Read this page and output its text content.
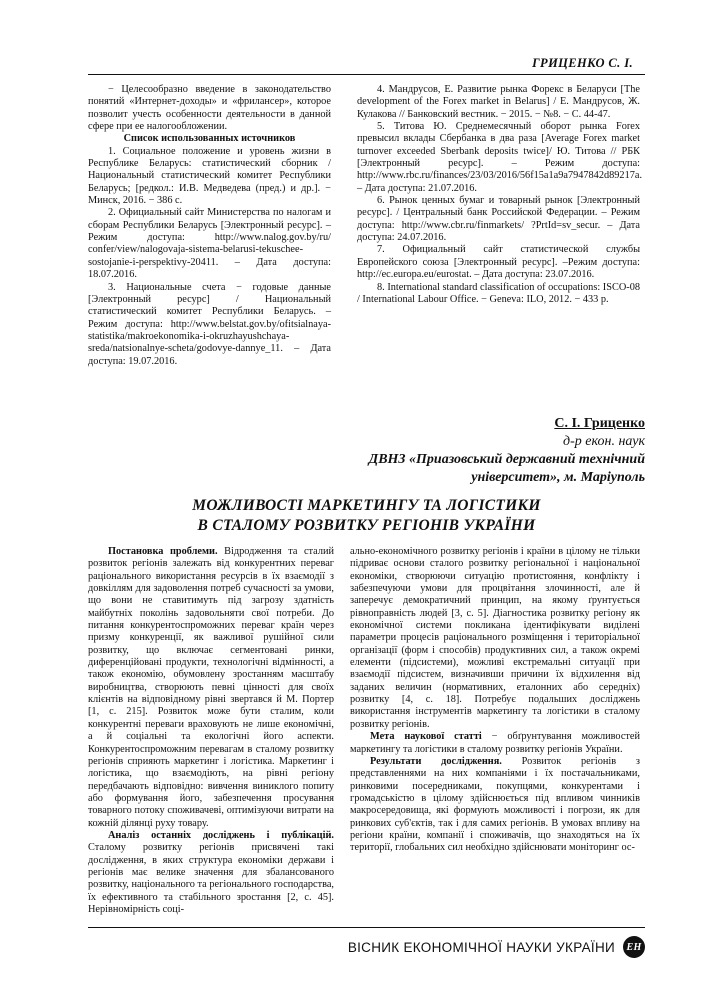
ГРИЦЕНКО С. І.

− Целесообразно введение в законодательство понятий «Интернет-доходы» и «фрилансер», которое позволит учесть особенности деятельности в данной сфере при ее налогообложении.

Список использованных источников

1. Социальное положение и уровень жизни в Республике Беларусь: статистический сборник / Национальный статистический комитет Республики Беларусь; [редкол.: И.В. Медведева (пред.) и др.]. − Минск, 2016. − 386 с.

2. Официальный сайт Министерства по налогам и сборам Республики Беларусь [Электронный ресурс]. – Режим доступа: http://www.nalog.gov.by/ru/ confer/view/nalogovaja-sistema-belarusi-tekuschee-sostojanie-i-perspektivy-20411. – Дата доступа: 18.07.2016.

3. Национальные счета − годовые данные [Электронный ресурс] / Национальный статистический комитет Республики Беларусь. – Режим доступа: http://www.belstat.gov.by/ofitsialnaya-statistika/makroekonomika-i-okruzhayushchaya-sreda/natsionalnye-scheta/godovye-dannye_11. – Дата доступа: 19.07.2016.

4. Мандрусов, Е. Развитие рынка Форекс в Беларуси [The development of the Forex market in Belarus] / Е. Мандрусов, Ж. Кулакова // Банковский вестник. − 2015. − №8. − С. 44-47.

5. Титова Ю. Среднемесячный оборот рынка Forex превысил вклады Сбербанка в два раза [Average Forex market turnover exceeded Sberbank deposits twice]/ Ю. Титова // РБК [Электронный ресурс]. – Режим доступа: http://www.rbc.ru/finances/23/03/2016/56f15a1a9a7947842d89217a. – Дата доступа: 21.07.2016.

6. Рынок ценных бумаг и товарный рынок [Электронный ресурс]. / Центральный банк Российской Федерации. – Режим доступа: http://www.cbr.ru/finmarkets/ ?PrtId=sv_secur. – Дата доступа: 24.07.2016.

7. Официальный сайт статистической службы Европейского союза [Электронный ресурс]. –Режим доступа: http://ec.europa.eu/eurostat. – Дата доступа: 23.07.2016.

8. International standard classification of occupations: ISCO-08 / International Labour Office. − Geneva: ILO, 2012. − 433 p.

С. І. Гриценко
д-р екон. наук
ДВНЗ «Приазовський державний технічний
університет», м. Маріуполь
МОЖЛИВОСТІ МАРКЕТИНГУ ТА ЛОГІСТИКИ
В СТАЛОМУ РОЗВИТКУ РЕГІОНІВ УКРАЇНИ

Постановка проблеми. Відродження та сталий розвиток регіонів залежать від конкурентних переваг раціонального використання ресурсів в їх взаємодії з довкіллям для задоволення потреб сучасності за умови, що вони не ставитимуть під загрозу здатність майбутніх поколінь задовольняти свої потреби. До питання конкурентоспроможних переваг країн через призму конкуренції, як важливої рушійної сили розвитку, що включає сегментовані ринки, диференційовані продукти, технологічні відмінності, а також економію, обумовлену зростанням масштабу виробництва, створюють певні цінності для своїх клієнтів на відповідному рівні звертався й М. Портер [1, с. 215]. Розвиток може бути сталим, коли конкурентні переваги враховують не лише економічні, а й соціальні та екологічні його аспекти. Конкурентоспроможним перевагам в сталому розвитку регіонів сприяють маркетинг і логістика. Маркетинг і логістика, що взаємодіють, на рівні регіону передбачають відповідно: вивчення виниклого попиту або формування його, забезпечення просування товарного потоку споживачеві, оптимізуючи витрати на кожній ділянці руху товару.

Аналіз останніх досліджень і публікацій. Сталому розвитку регіонів присвячені такі дослідження, в яких структура економіки держави і регіонів має велике значення для збалансованого розвитку, національного та регіонального господарства, їх ефективного та стабільного зростання [2, с. 45]. Нерівномірність соці-

ально-економічного розвитку регіонів і країни в цілому не тільки підриває основи сталого розвитку регіональної і національної економіки, створюючи ситуацію протистояння, конфлікту і забезпечуючи умови для процвітання злочинності, але й заперечує демократичний принцип, на якому ґрунтується рівноправність людей [3, с. 5]. Діагностика розвитку регіону як економічної системи покликана ідентифікувати виділені параметри процесів раціонального розміщення і територіальної організації (форм і способів) продуктивних сил, а також окремі елементи (підсистеми), можливі екстремальні ситуації при взаємодії підсистем, визначивши причини їх відхилення від заданих величин (нормативних, еталонних або середніх) розвитку [4, с. 18]. Потребує подальших досліджень використання інструментів маркетингу та логістики в сталому розвитку регіонів.

Мета наукової статті − обґрунтування можливостей маркетингу та логістики в сталому розвитку регіонів України.

Результати дослідження. Розвиток регіонів з представленнями на них компаніями і їх постачальниками, ринковими посередниками, покупцями, конкурентами і громадськістю в цілому здійснюється під впливом чинників макросередовища, які формують можливості і погрози, як для ринкових суб'єктів, так і для самих регіонів. В умовах впливу на регіони країни, компанії і споживачів, що знаходяться на їх території, глобальних сил необхідно здійснювати моніторинг ос-

ВІСНИК ЕКОНОМІЧНОЇ НАУКИ УКРАЇНИ	ЕН
